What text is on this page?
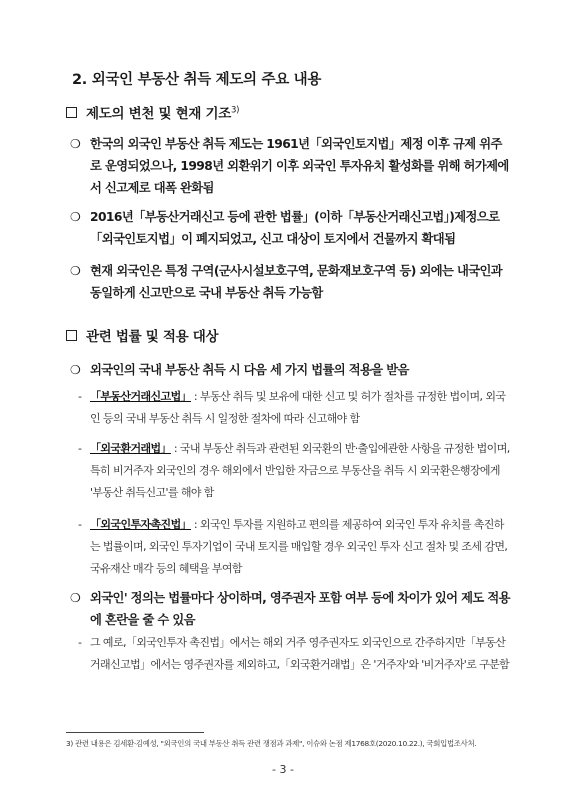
2. 외국인 부동산 취득 제도의 주요 내용
제도의 변천 및 현재 기조$^{3)}$
❍ 한국의 외국인 부동산 취득 제도는 1961년「외국인토지법」제정 이후 규제 위주로 운영되었으나, 1998년 외환위기 이후 외국인 투자유치 활성화를 위해 허가제에서 신고제로 대폭 완화됨
❍ 2016년「부동산거래신고 등에 관한 법률」(이하「부동산거래신고법」)제정으로「외국인토지법」이 폐지되었고, 신고 대상이 토지에서 건물까지 확대됨
❍ 현재 외국인은 특정 구역(군사시설보호구역, 문화재보호구역 등) 외에는 내국인과 동일하게 신고만으로 국내 부동산 취득 가능함
관련 법률 및 적용 대상
❍ 외국인의 국내 부동산 취득 시 다음 세 가지 법률의 적용을 받음
- 「부동산거래신고법」 : 부동산 취득 및 보유에 대한 신고 및 허가 절차를 규정한 법이며, 외국인 등의 국내 부동산 취득 시 일정한 절차에 따라 신고해야 함
- 「외국환거래법」 : 국내 부동산 취득과 관련된 외국환의 반·출입에관한 사항을 규정한 법이며, 특히 비거주자 외국인의 경우 해외에서 반입한 자금으로 부동산을 취득 시 외국환은행장에게 '부동산 취득신고'를 해야 함
- 「외국인투자촉진법」 : 외국인 투자를 지원하고 편의를 제공하여 외국인 투자 유치를 촉진하는 법률이며, 외국인 투자기업이 국내 토지를 매입할 경우 외국인 투자 신고 절차 및 조세 감면, 국유재산 매각 등의 혜택을 부여함
❍ 외국인' 정의는 법률마다 상이하며, 영주권자 포함 여부 등에 차이가 있어 제도 적용에 혼란을 줄 수 있음
- 그 예로,「외국인투자 촉진법」에서는 해외 거주 영주권자도 외국인으로 간주하지만「부동산거래신고법」에서는 영주권자를 제외하고,「외국환거래법」은 '거주자'와 '비거주자'로 구분함
3) 관련 내용은 김세환·김예성, "외국인의 국내 부동산 취득 관련 쟁점과 과제", 이슈와 논점 제1768호(2020.10.22.), 국회입법조사처.
- 3 -
